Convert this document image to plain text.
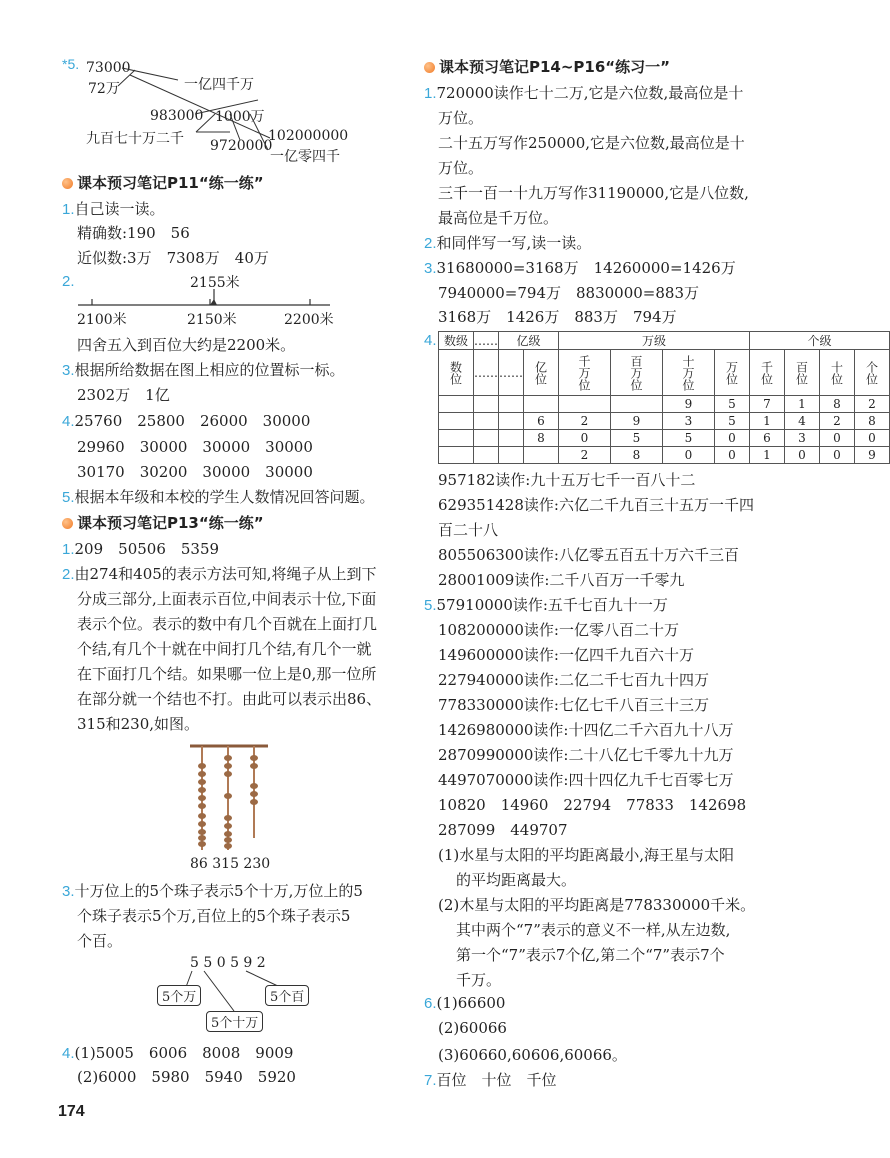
*5. 73000
72万	一亿四千万
983000 1000万
九百七十万二千	102000000
9720000
一亿零四千
课本预习笔记P11“练一练”
1.自己读一读。
精确数:190　56
近似数:3万　7308万　40万
2.	2155米
2100米	2150米	2200米
四舍五入到百位大约是2200米。
3.根据所给数据在图上相应的位置标一标。
2302万　1亿
4.25760　25800　26000　30000
29960　30000　30000　30000
30170　30200　30000　30000
5.根据本年级和本校的学生人数情况回答问题。
课本预习笔记P13“练一练”
1.209　50506　5359
2.由274和405的表示方法可知,将绳子从上到下
分成三部分,上面表示百位,中间表示十位,下面
表示个位。表示的数中有几个百就在上面打几
个结,有几个十就在中间打几个结,有几个一就
在下面打几个结。如果哪一位上是0,那一位所
在部分就一个结也不打。由此可以表示出86、
315和230,如图。
86 315 230
3.十万位上的5个珠子表示5个十万,万位上的5
个珠子表示5个万,百位上的5个珠子表示5
个百。
5 5 0 5 9 2
5个万	5个百
5个十万
4.(1)5005　6006　8008　9009
(2)6000　5980　5940　5920
174
课本预习笔记P14~P16“练习一”
1.720000读作七十二万,它是六位数,最高位是十
万位。
二十五万写作250000,它是六位数,最高位是十
万位。
三千一百一十九万写作31190000,它是八位数,
最高位是千万位。
2.和同伴写一写,读一读。
3.31680000=3168万　14260000=1426万
7940000=794万　8830000=883万
3168万　1426万　883万　794万
4. 数级	……	亿级		万级				个级			
数位	……	……	亿位	千万位	百万位	十万位	万位	千位	百位	十位	个位
						9	5	7	1	8	2
			6	2	9	3	5	1	4	2	8
			8	0	5	5	0	6	3	0	0
				2	8	0	0	1	0	0	9
957182读作:九十五万七千一百八十二
629351428读作:六亿二千九百三十五万一千四
百二十八
805506300读作:八亿零五百五十万六千三百
28001009读作:二千八百万一千零九
5.57910000读作:五千七百九十一万
108200000读作:一亿零八百二十万
149600000读作:一亿四千九百六十万
227940000读作:二亿二千七百九十四万
778330000读作:七亿七千八百三十三万
1426980000读作:十四亿二千六百九十八万
2870990000读作:二十八亿七千零九十九万
4497070000读作:四十四亿九千七百零七万
10820　14960　22794　77833　142698
287099　449707
(1)水星与太阳的平均距离最小,海王星与太阳
的平均距离最大。
(2)木星与太阳的平均距离是778330000千米。
其中两个“7”表示的意义不一样,从左边数,
第一个“7”表示7个亿,第二个“7”表示7个
千万。
6.(1)66600
(2)60066
(3)60660,60606,60066。
7.百位　十位　千位
